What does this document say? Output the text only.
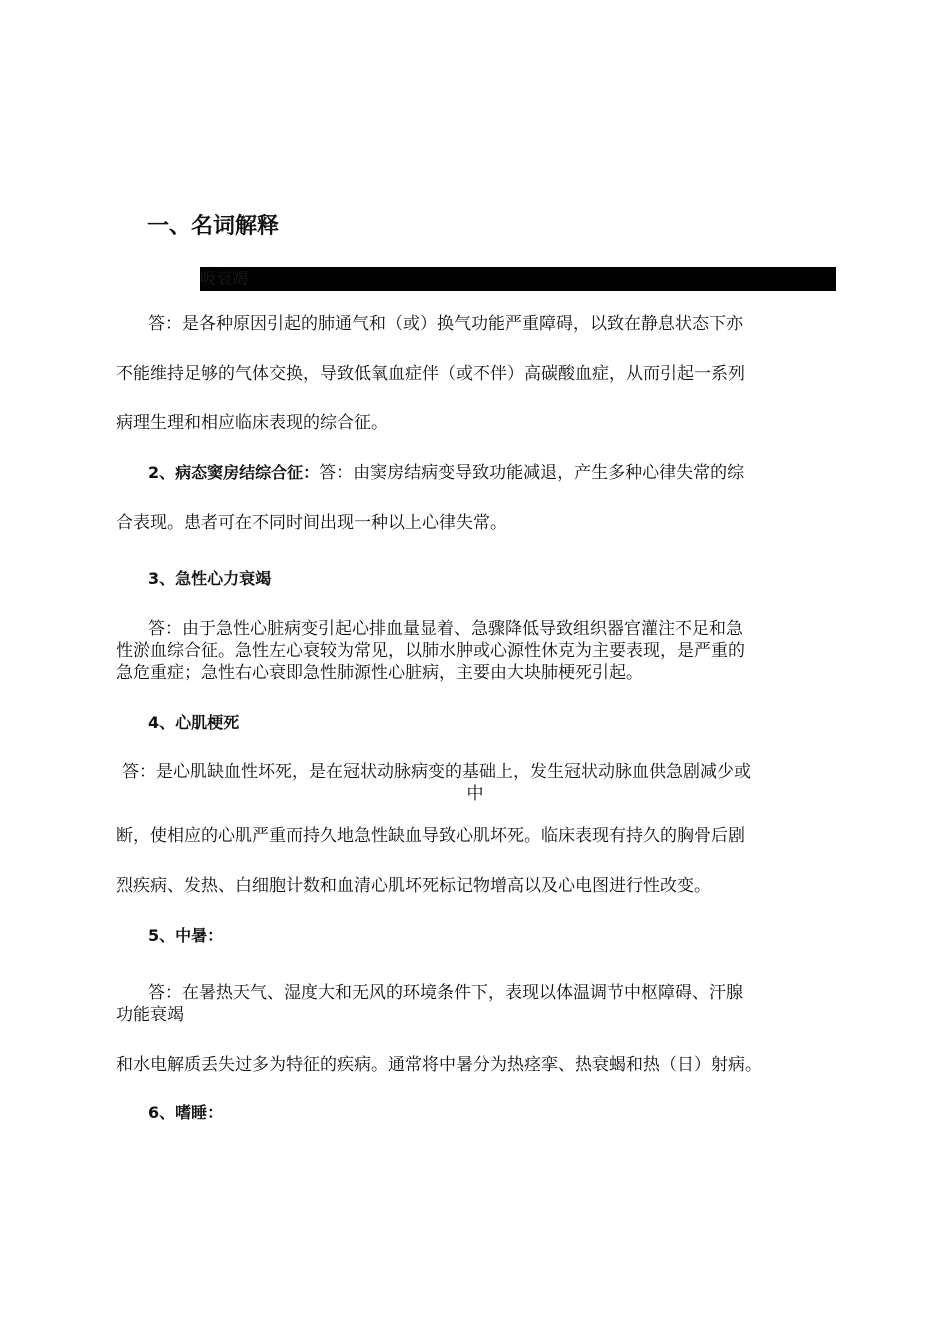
一、名词解释
吸衰竭
答：是各种原因引起的肺通气和（或）换气功能严重障碍，以致在静息状态下亦
不能维持足够的气体交换，导致低氧血症伴（或不伴）高碳酸血症，从而引起一系列
病理生理和相应临床表现的综合征。
2、病态窦房结综合征：答：由窦房结病变导致功能减退，产生多种心律失常的综
合表现。患者可在不同时间出现一种以上心律失常。
3、急性心力衰竭
答：由于急性心脏病变引起心排血量显着、急骤降低导致组织器官灌注不足和急
性淤血综合征。急性左心衰较为常见，以肺水肿或心源性休克为主要表现，是严重的
急危重症；急性右心衰即急性肺源性心脏病，主要由大块肺梗死引起。
4、心肌梗死
答：是心肌缺血性坏死，是在冠状动脉病变的基础上，发生冠状动脉血供急剧减少或
中
断，使相应的心肌严重而持久地急性缺血导致心肌坏死。临床表现有持久的胸骨后剧
烈疾病、发热、白细胞计数和血清心肌坏死标记物增高以及心电图进行性改变。
5、中暑：
答：在暑热天气、湿度大和无风的环境条件下，表现以体温调节中枢障碍、汗腺
功能衰竭
和水电解质丢失过多为特征的疾病。通常将中暑分为热痉挛、热衰蝎和热（日）射病。
6、嗜睡：
